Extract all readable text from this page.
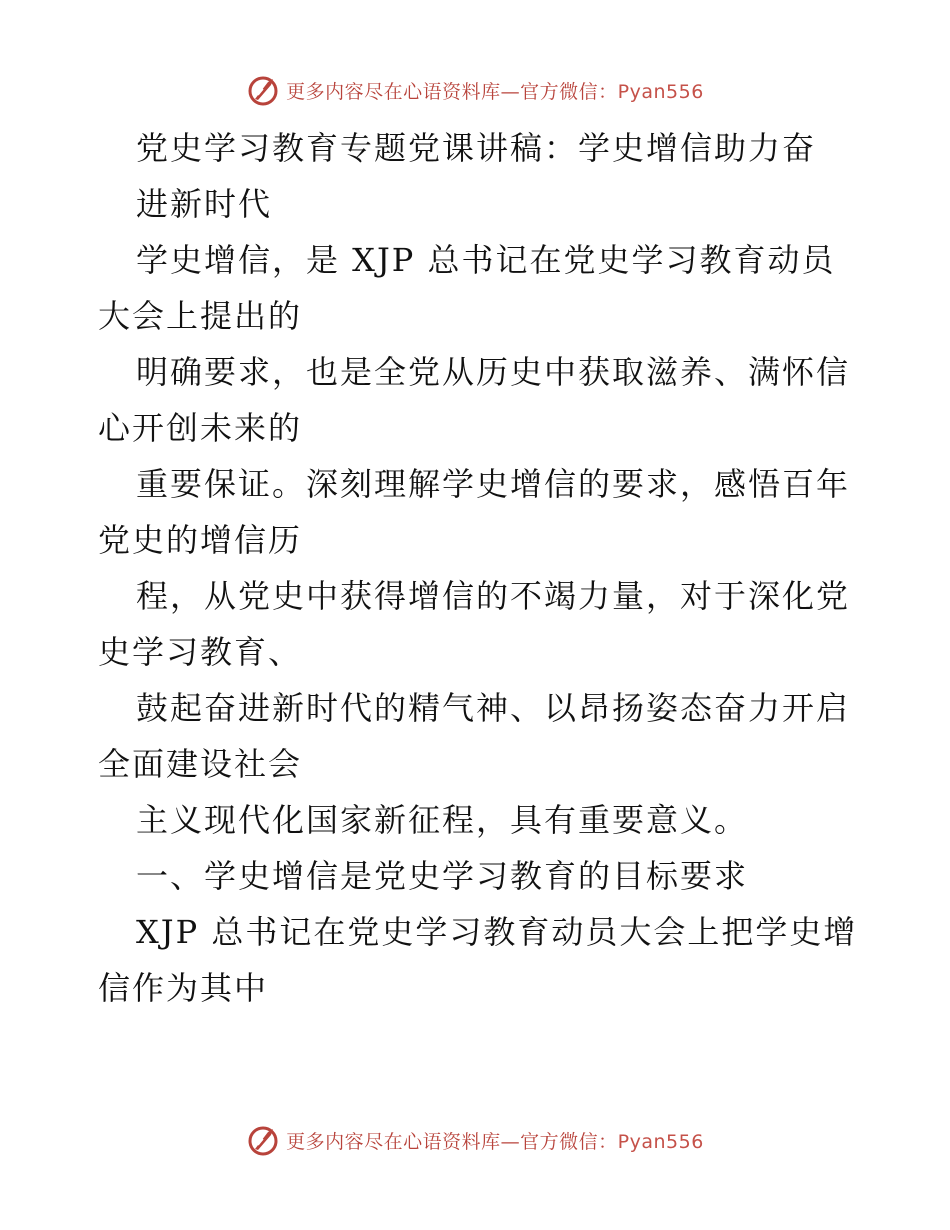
更多内容尽在心语资料库—官方微信：Pyan556
党史学习教育专题党课讲稿：学史增信助力奋
进新时代
学史增信，是 XJP 总书记在党史学习教育动员
大会上提出的
明确要求，也是全党从历史中获取滋养、满怀信
心开创未来的
重要保证。深刻理解学史增信的要求，感悟百年
党史的增信历
程，从党史中获得增信的不竭力量，对于深化党
史学习教育、
鼓起奋进新时代的精气神、以昂扬姿态奋力开启
全面建设社会
主义现代化国家新征程，具有重要意义。
一、学史增信是党史学习教育的目标要求
XJP 总书记在党史学习教育动员大会上把学史增
信作为其中
更多内容尽在心语资料库—官方微信：Pyan556
